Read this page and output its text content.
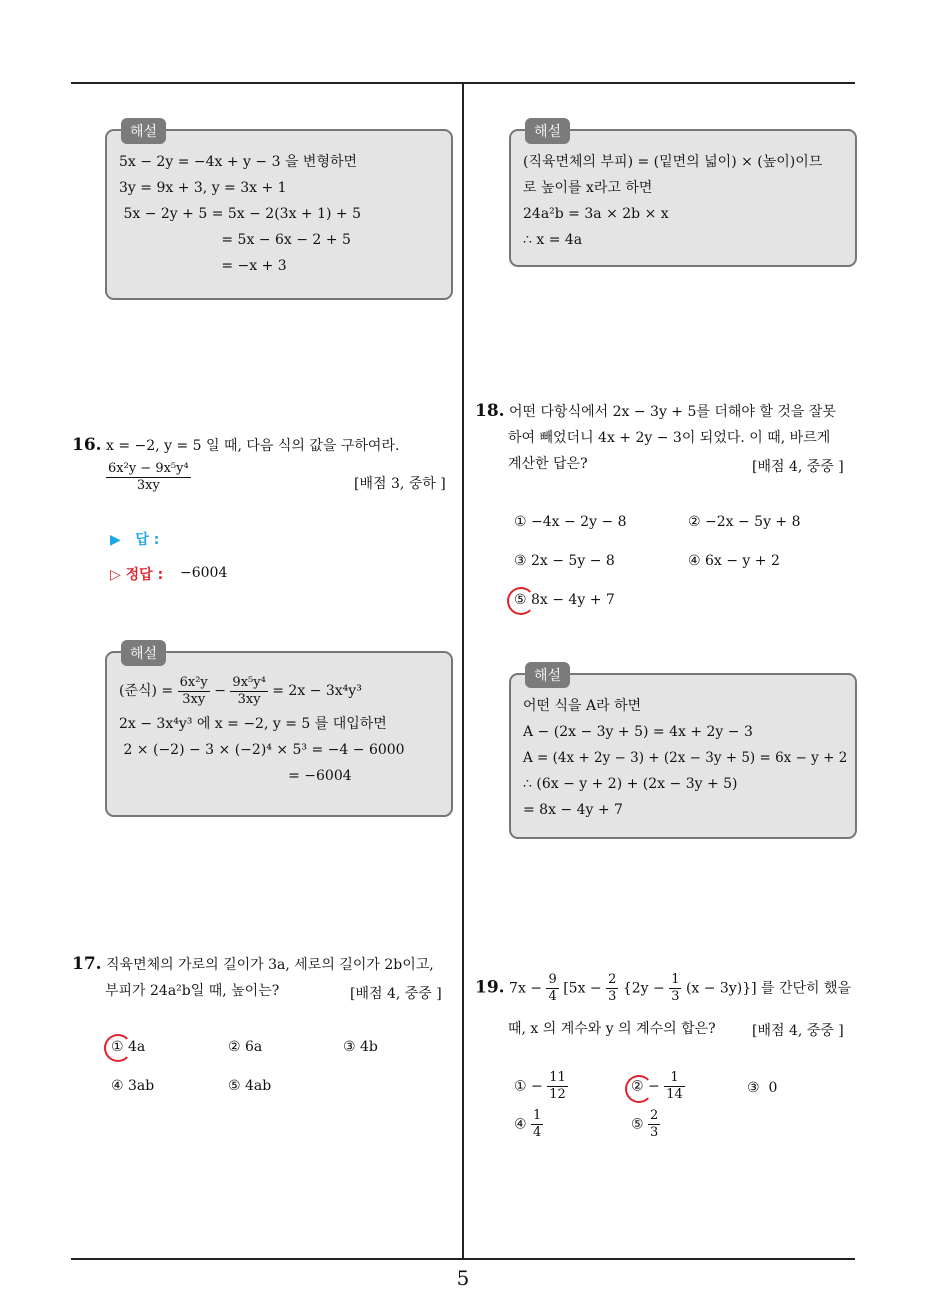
해설
5x − 2y = −4x + y − 3 을 변형하면
3y = 9x + 3, y = 3x + 1
5x − 2y + 5 = 5x − 2(3x + 1) + 5
= 5x − 6x − 2 + 5
= −x + 3
16. x = −2, y = 5 일 때, 다음 식의 값을 구하여라.
$\frac{\text{6x²y − 9x⁵y⁴}}{3xy}$	[배점 3, 중하 ]
▶   답 :
▷ 정답 : −6004
해설
(준식) = $\frac{\text{6x²y}}{3xy} - \frac{\text{9x⁵y⁴}}{3xy} = 2x - 3x^4y^3$
2x − 3x⁴y³ 에 x = −2, y = 5 를 대입하면
2 × (−2) − 3 × (−2)⁴ × 5³ = −4 − 6000
= −6004
17. 직육면체의 가로의 길이가 3a, 세로의 길이가 2b이고,
부피가 24a²b일 때, 높이는?	[배점 4, 중중 ]
① 4a	② 6a	③ 4b
④ 3ab	⑤ 4ab
해설
(직육면체의 부피) = (밑면의 넓이) × (높이)이므
로 높이를 x라고 하면
24a²b = 3a × 2b × x
∴ x = 4a
18. 어떤 다항식에서 2x − 3y + 5를 더해야 할 것을 잘못
하여 빼었더니 4x + 2y − 3이 되었다. 이 때, 바르게
계산한 답은?	[배점 4, 중중 ]
① −4x − 2y − 8	② −2x − 5y + 8
③ 2x − 5y − 8	④ 6x − y + 2
⑤ 8x − 4y + 7
해설
어떤 식을 A라 하면
A − (2x − 3y + 5) = 4x + 2y − 3
A = (4x + 2y − 3) + (2x − 3y + 5) = 6x − y + 2
∴ (6x − y + 2) + (2x − 3y + 5)
= 8x − 4y + 7
19. $7x - \frac{9}{4} [5x - \frac{2}{3} \{2y - \frac{1}{3} (x - 3y)\}]$ 를 간단히 했을
때, x 의 계수와 y 의 계수의 합은?	[배점 4, 중중 ]
① − $\frac{11}{12}$	② − $\frac{1}{14}$	③  0
④ $\frac{1}{4}$	⑤ $\frac{2}{3}$
5
